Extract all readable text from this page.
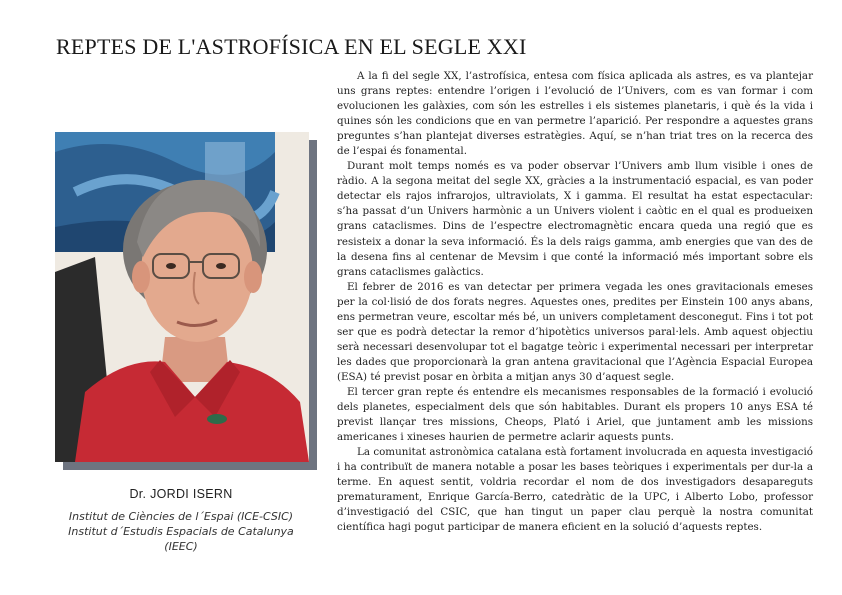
REPTES DE L'ASTROFÍSICA EN EL SEGLE XXI
Dr. JORDI ISERN
Institut de Ciències de l´Espai (ICE-CSIC)
Institut d´Estudis Espacials de Catalunya (IEEC)

A la fi del segle XX, l’astrofísica, entesa com física aplicada als astres, es va plantejar uns grans reptes: entendre l’origen i l’evolució de l’Univers, com es van formar i com evolucionen les galàxies, com són les estrelles i els sistemes planetaris, i què és la vida i quines són les condicions que en van permetre l’aparició. Per respondre a aquestes grans preguntes s’han plantejat diverses estratègies. Aquí, se n’han triat tres on la recerca des de l’espai és fonamental.

Durant molt temps només es va poder observar l’Univers amb llum visible i ones de ràdio. A la segona meitat del segle XX, gràcies a la instrumentació espacial, es van poder detectar els rajos infrarojos, ultraviolats, X i gamma. El resultat ha estat espectacular: s’ha passat d’un Univers harmònic a un Univers violent i caòtic en el qual es produeixen grans cataclismes. Dins de l’espectre electromagnètic encara queda una regió que es resisteix a donar la seva informació. És la dels raigs gamma, amb energies que van des de la desena fins al centenar de Mevsim i que conté la informació més important sobre els grans cataclismes galàctics.

El febrer de 2016 es van detectar per primera vegada les ones gravitacionals emeses per la col·lisió de dos forats negres. Aquestes ones, predites per Einstein 100 anys abans, ens permetran veure, escoltar més bé, un univers completament desconegut. Fins i tot pot ser que es podrà detectar la remor d’hipotètics universos paral·lels. Amb aquest objectiu serà necessari desenvolupar tot el bagatge teòric i experimental necessari per interpretar les dades que proporcionarà la gran antena gravitacional que l’Agència Espacial Europea (ESA) té previst posar en òrbita a mitjan anys 30 d’aquest segle.

El tercer gran repte és entendre els mecanismes responsables de la formació i evolució dels planetes, especialment dels que són habitables. Durant els propers 10 anys ESA té previst llançar tres missions, Cheops, Plató i Ariel, que juntament amb les missions americanes i xineses haurien de permetre aclarir aquests punts.

La comunitat astronòmica catalana està fortament involucrada en aquesta investigació i ha contribuït de manera notable a posar les bases teòriques i experimentals per dur-la a terme. En aquest sentit, voldria recordar el nom de dos investigadors desapareguts prematurament, Enrique García-Berro, catedràtic de la UPC, i Alberto Lobo, professor d’investigació del CSIC, que han tingut un paper clau perquè la nostra comunitat científica hagi pogut participar de manera eficient en la solució d’aquests reptes.
